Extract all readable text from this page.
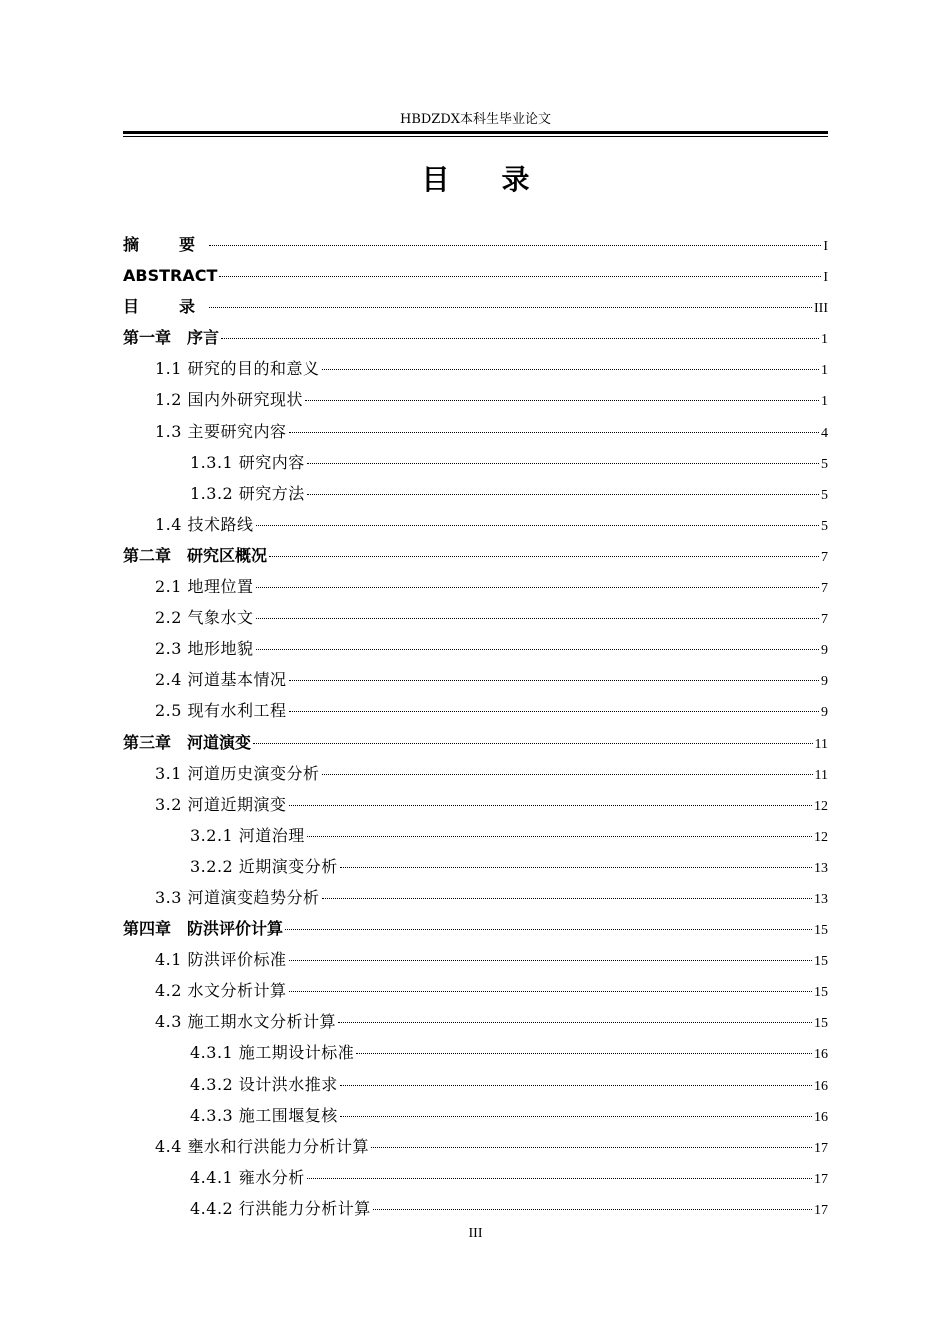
HBDZDX本科生毕业论文
目录
摘　要	I
ABSTRACT	I
目　录	III
第一章　序言	1
1.1 研究的目的和意义	1
1.2 国内外研究现状	1
1.3 主要研究内容	4
1.3.1 研究内容	5
1.3.2 研究方法	5
1.4 技术路线	5
第二章　研究区概况	7
2.1 地理位置	7
2.2 气象水文	7
2.3 地形地貌	9
2.4 河道基本情况	9
2.5 现有水利工程	9
第三章　河道演变	11
3.1 河道历史演变分析	11
3.2 河道近期演变	12
3.2.1 河道治理	12
3.2.2 近期演变分析	13
3.3 河道演变趋势分析	13
第四章　防洪评价计算	15
4.1 防洪评价标准	15
4.2 水文分析计算	15
4.3 施工期水文分析计算	15
4.3.1 施工期设计标准	16
4.3.2 设计洪水推求	16
4.3.3 施工围堰复核	16
4.4 壅水和行洪能力分析计算	17
4.4.1 雍水分析	17
4.4.2 行洪能力分析计算	17
III
